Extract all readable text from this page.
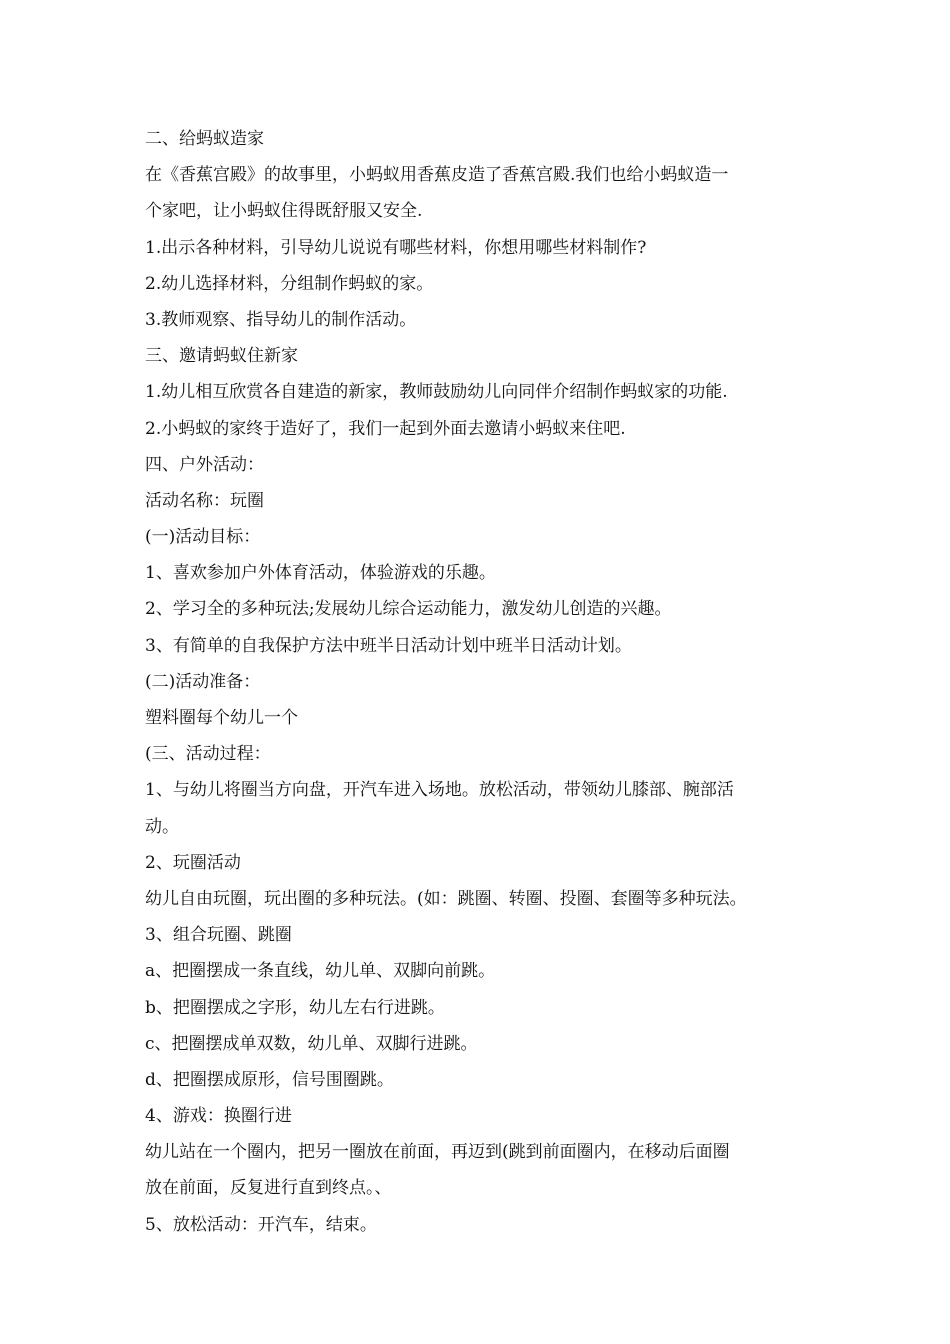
二、给蚂蚁造家
在《香蕉宫殿》的故事里，小蚂蚁用香蕉皮造了香蕉宫殿.我们也给小蚂蚁造一
个家吧，让小蚂蚁住得既舒服又安全.
1.出示各种材料，引导幼儿说说有哪些材料，你想用哪些材料制作?
2.幼儿选择材料，分组制作蚂蚁的家。
3.教师观察、指导幼儿的制作活动。
三、邀请蚂蚁住新家
1.幼儿相互欣赏各自建造的新家，教师鼓励幼儿向同伴介绍制作蚂蚁家的功能.
2.小蚂蚁的家终于造好了，我们一起到外面去邀请小蚂蚁来住吧.
四、户外活动：
活动名称：玩圈
(一)活动目标：
1、喜欢参加户外体育活动，体验游戏的乐趣。
2、学习全的多种玩法;发展幼儿综合运动能力，激发幼儿创造的兴趣。
3、有简单的自我保护方法中班半日活动计划中班半日活动计划。
(二)活动准备：
塑料圈每个幼儿一个
(三、活动过程：
1、与幼儿将圈当方向盘，开汽车进入场地。放松活动，带领幼儿膝部、腕部活
动。
2、玩圈活动
幼儿自由玩圈，玩出圈的多种玩法。(如：跳圈、转圈、投圈、套圈等多种玩法。
3、组合玩圈、跳圈
a、把圈摆成一条直线，幼儿单、双脚向前跳。
b、把圈摆成之字形，幼儿左右行进跳。
c、把圈摆成单双数，幼儿单、双脚行进跳。
d、把圈摆成原形，信号围圈跳。
4、游戏：换圈行进
幼儿站在一个圈内，把另一圈放在前面，再迈到(跳到前面圈内，在移动后面圈
放在前面，反复进行直到终点。、
5、放松活动：开汽车，结束。
